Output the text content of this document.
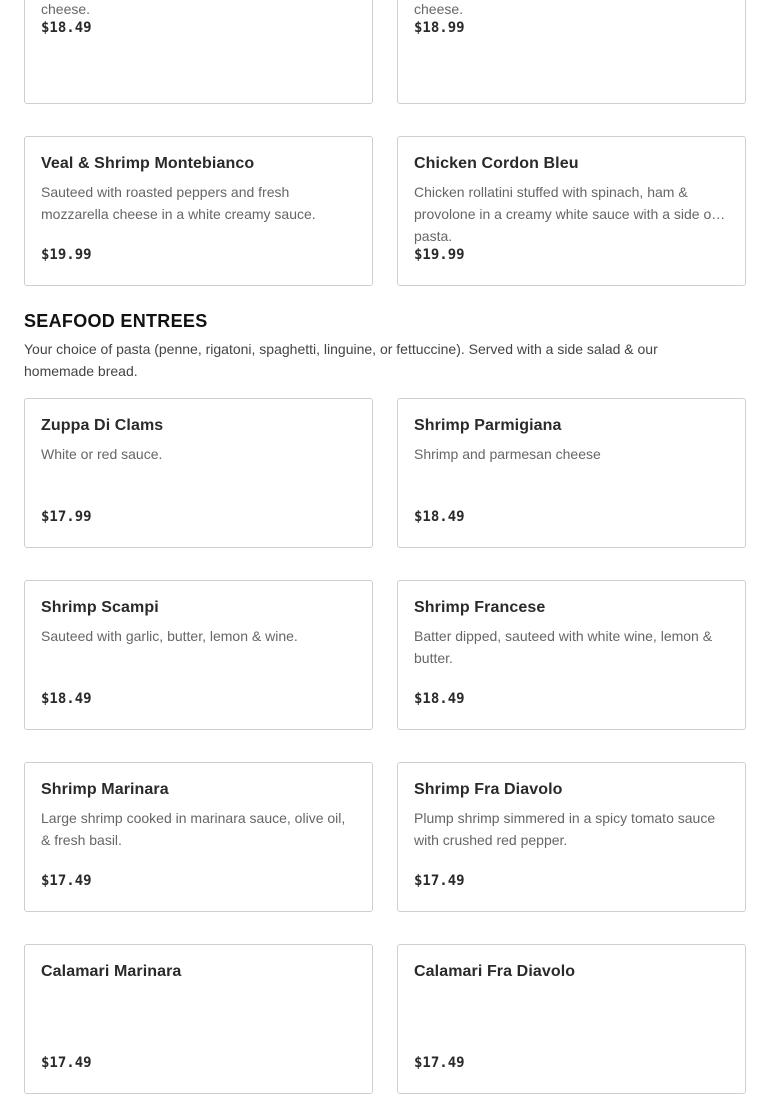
cheese.
$18.49
cheese.
$18.99
Veal & Shrimp Montebianco
Sauteed with roasted peppers and fresh mozzarella cheese in a white creamy sauce.
$19.99
Chicken Cordon Bleu
Chicken rollatini stuffed with spinach, ham & provolone in a creamy white sauce with a side of pasta.
$19.99
SEAFOOD ENTREES
Your choice of pasta (penne, rigatoni, spaghetti, linguine, or fettuccine). Served with a side salad & our homemade bread.
Zuppa Di Clams
White or red sauce.
$17.99
Shrimp Parmigiana
Shrimp and parmesan cheese
$18.49
Shrimp Scampi
Sauteed with garlic, butter, lemon & wine.
$18.49
Shrimp Francese
Batter dipped, sauteed with white wine, lemon & butter.
$18.49
Shrimp Marinara
Large shrimp cooked in marinara sauce, olive oil, & fresh basil.
$17.49
Shrimp Fra Diavolo
Plump shrimp simmered in a spicy tomato sauce with crushed red pepper.
$17.49
Calamari Marinara
$17.49
Calamari Fra Diavolo
$17.49
